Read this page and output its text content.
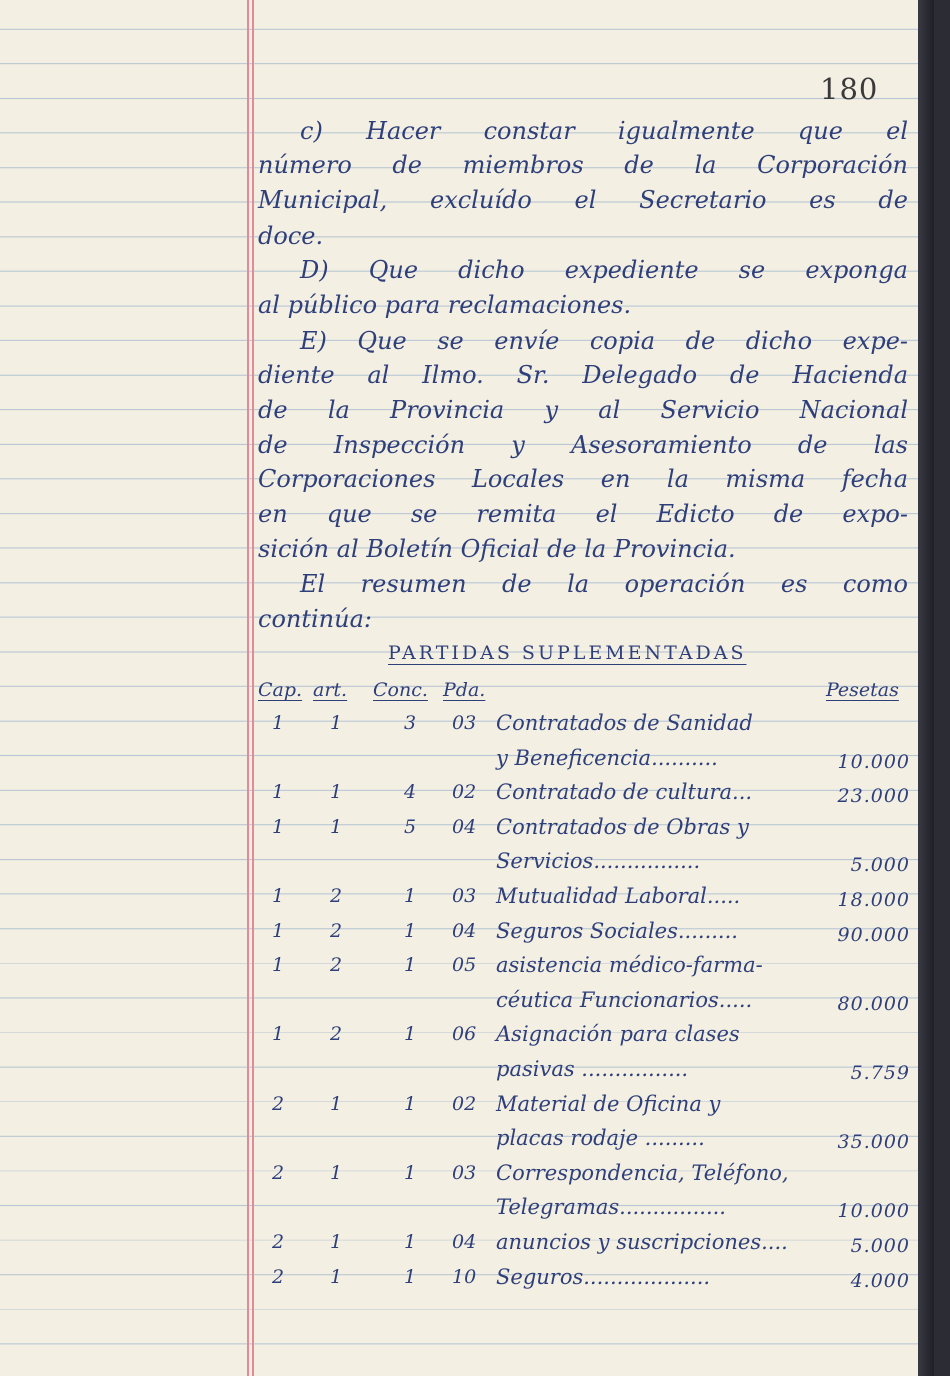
180
c) Hacer constar igualmente que el
número de miembros de la Corporación
Municipal, excluído el Secretario es de
doce.
D) Que dicho expediente se exponga
al público para reclamaciones.
E) Que se envíe copia de dicho expe-
diente al Ilmo. Sr. Delegado de Hacienda
de la Provincia y al Servicio Nacional
de Inspección y Asesoramiento de las
Corporaciones Locales en la misma fecha
en que se remita el Edicto de expo-
sición al Boletín Oficial de la Provincia.
El resumen de la operación es como
continúa:
PARTIDAS SUPLEMENTADAS
Cap. art. Conc. Pda.	Pesetas
1 1	3 03 Contratados de Sanidad
y Beneficencia..........	10.000
1 1	4 02 Contratado de cultura...	23.000
1 1	5 04 Contratados de Obras y
Servicios................	5.000
1 2	1 03 Mutualidad Laboral.....	18.000
1 2	1 04 Seguros Sociales.........	90.000
1 2	1 05 asistencia médico-farma-
céutica Funcionarios.....	80.000
1 2	1 06 Asignación para clases
pasivas ................	5.759
2 1	1 02 Material de Oficina y
placas rodaje .........	35.000
2 1	1 03 Correspondencia, Teléfono,
Telegramas................	10.000
2 1	1 04 anuncios y suscripciones....	5.000
2 1	1 10 Seguros...................	4.000
